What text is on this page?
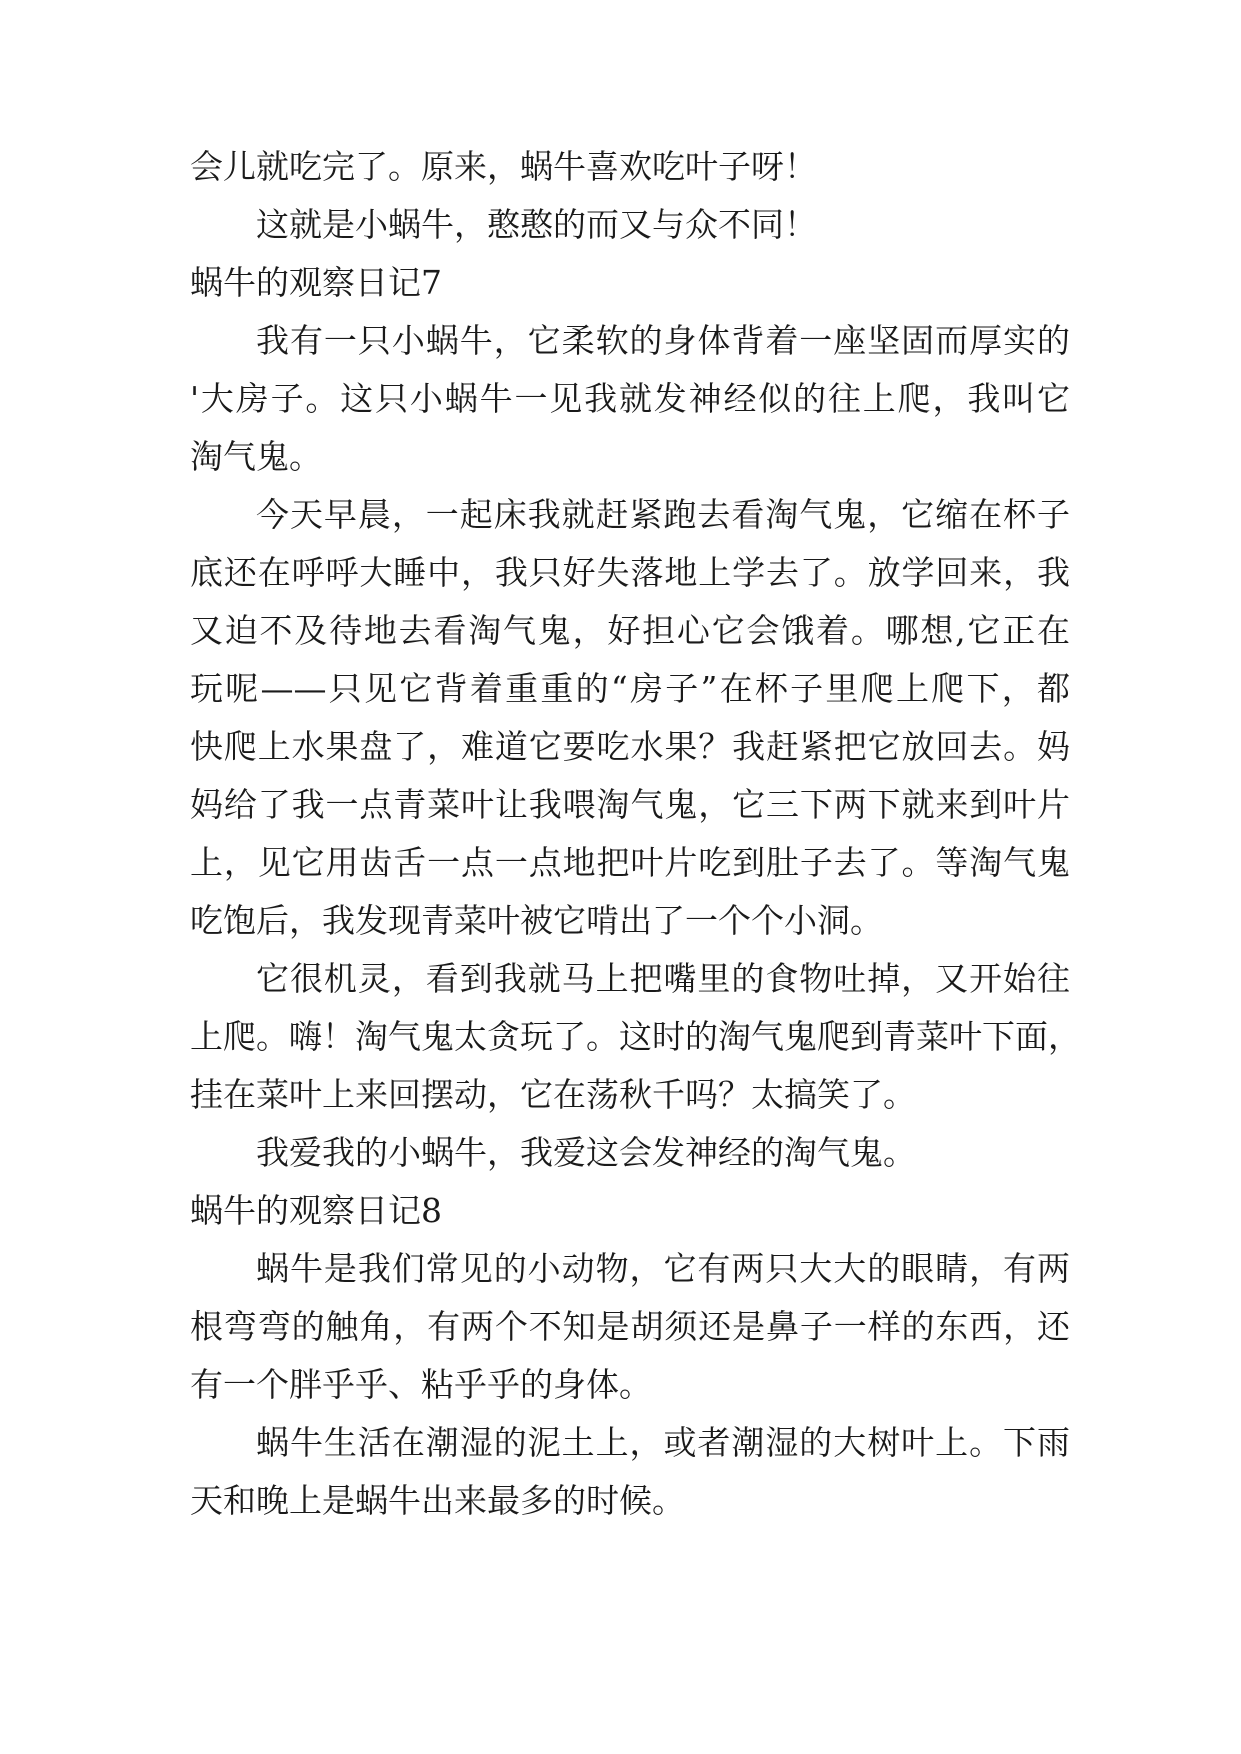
会儿就吃完了。原来，蜗牛喜欢吃叶子呀！
这就是小蜗牛，憨憨的而又与众不同！
蜗牛的观察日记7
我有一只小蜗牛，它柔软的身体背着一座坚固而厚实的
'大房子。这只小蜗牛一见我就发神经似的往上爬，我叫它
淘气鬼。
今天早晨，一起床我就赶紧跑去看淘气鬼，它缩在杯子
底还在呼呼大睡中，我只好失落地上学去了。放学回来，我
又迫不及待地去看淘气鬼，好担心它会饿着。哪想,它正在
玩呢——只见它背着重重的“房子”在杯子里爬上爬下，都
快爬上水果盘了，难道它要吃水果？我赶紧把它放回去。妈
妈给了我一点青菜叶让我喂淘气鬼，它三下两下就来到叶片
上，见它用齿舌一点一点地把叶片吃到肚子去了。等淘气鬼
吃饱后，我发现青菜叶被它啃出了一个个小洞。
它很机灵，看到我就马上把嘴里的食物吐掉，又开始往
上爬。嗨！淘气鬼太贪玩了。这时的淘气鬼爬到青菜叶下面，
挂在菜叶上来回摆动，它在荡秋千吗？太搞笑了。
我爱我的小蜗牛，我爱这会发神经的淘气鬼。
蜗牛的观察日记8
蜗牛是我们常见的小动物，它有两只大大的眼睛，有两
根弯弯的触角，有两个不知是胡须还是鼻子一样的东西，还
有一个胖乎乎、粘乎乎的身体。
蜗牛生活在潮湿的泥土上，或者潮湿的大树叶上。下雨
天和晚上是蜗牛出来最多的时候。
